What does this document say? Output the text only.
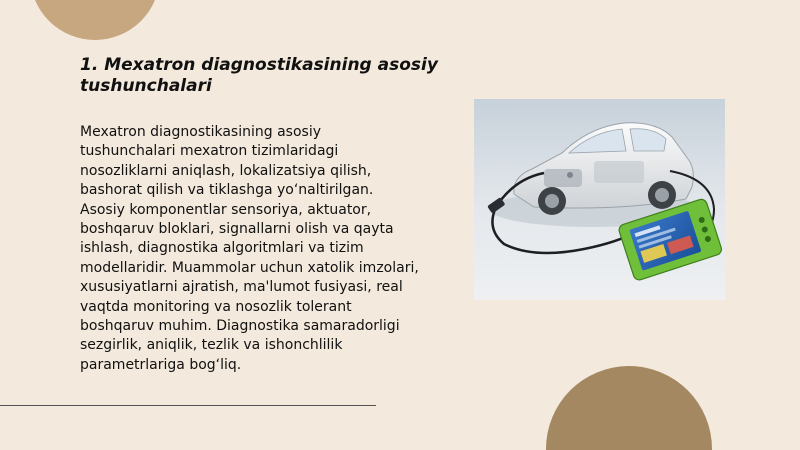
1. Mexatron diagnostikasining asosiy tushunchalari

Mexatron diagnostikasining asosiy tushunchalari mexatron tizimlaridagi nosozliklarni aniqlash, lokalizatsiya qilish, bashorat qilish va tiklashga yo‘naltirilgan. Asosiy komponentlar sensoriya, aktuator, boshqaruv bloklari, signallarni olish va qayta ishlash, diagnostika algoritmlari va tizim modellaridir. Muammolar uchun xatolik imzolari, xususiyatlarni ajratish, ma'lumot fusiyasi, real vaqtda monitoring va nosozlik tolerant boshqaruv muhim. Diagnostika samaradorligi sezgirlik, aniqlik, tezlik va ishonchlilik parametrlariga bog‘liq.
